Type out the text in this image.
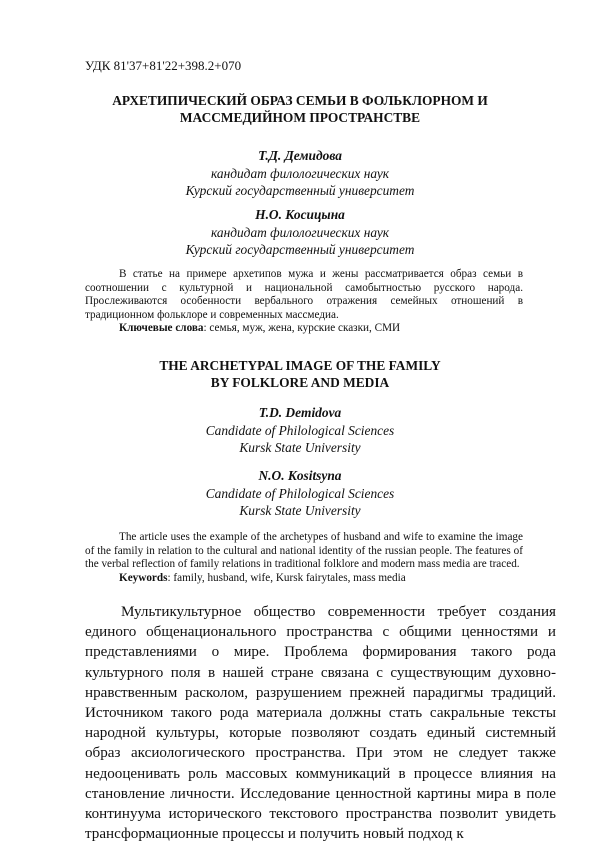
УДК 81'37+81'22+398.2+070
АРХЕТИПИЧЕСКИЙ ОБРАЗ СЕМЬИ В ФОЛЬКЛОРНОМ И
МАССМЕДИЙНОМ ПРОСТРАНСТВЕ
Т.Д. Демидова
кандидат филологических наук
Курский государственный университет
Н.О. Косицына
кандидат филологических наук
Курский государственный университет
В статье на примере архетипов мужа и жены рассматривается образ семьи в соотношении с культурной и национальной самобытностью русского народа. Прослеживаются особенности вербального отражения семейных отношений в традиционном фольклоре и современных массмедиа.
Ключевые слова: семья, муж, жена, курские сказки, СМИ
THE ARCHETYPAL IMAGE OF THE FAMILY
BY FOLKLORE AND MEDIA
T.D. Demidova
Candidate of Philological Sciences
Kursk State University
N.O. Kositsyna
Candidate of Philological Sciences
Kursk State University
The article uses the example of the archetypes of husband and wife to examine the image of the family in relation to the cultural and national identity of the russian people. The features of the verbal reflection of family relations in traditional folklore and modern mass media are traced.
Keywords: family, husband, wife, Kursk fairytales, mass media
Мультикультурное общество современности требует создания единого общенационального пространства с общими ценностями и представлениями о мире. Проблема формирования такого рода культурного поля в нашей стране связана с существующим духовно-нравственным расколом, разрушением прежней парадигмы традиций. Источником такого рода материала должны стать сакральные тексты народной культуры, которые позволяют создать единый системный образ аксиологического пространства. При этом не следует также недооценивать роль массовых коммуникаций в процессе влияния на становление личности. Исследование ценностной картины мира в поле континуума исторического текстового пространства позволит увидеть трансформационные процессы и получить новый подход к
